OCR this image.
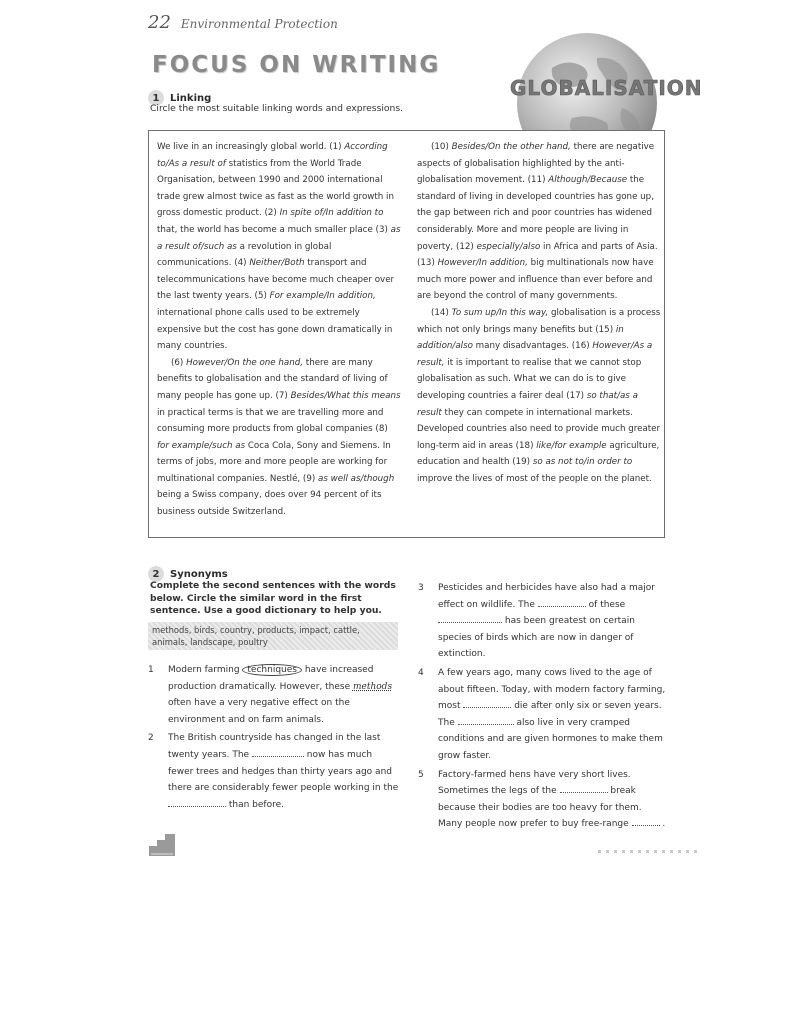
22 Environmental Protection
FOCUS ON WRITING
GLOBALISATION
1	Linking
Circle the most suitable linking words and expressions.

We live in an increasingly global world. (1) According to/As a result of statistics from the World Trade Organisation, between 1990 and 2000 international trade grew almost twice as fast as the world growth in gross domestic product. (2) In spite of/In addition to that, the world has become a much smaller place (3) as a result of/such as a revolution in global communications. (4) Neither/Both transport and telecommunications have become much cheaper over the last twenty years. (5) For example/In addition, international phone calls used to be extremely expensive but the cost has gone down dramatically in many countries.

(6) However/On the one hand, there are many benefits to globalisation and the standard of living of many people has gone up. (7) Besides/What this means in practical terms is that we are travelling more and consuming more products from global companies (8) for example/such as Coca Cola, Sony and Siemens. In terms of jobs, more and more people are working for multinational companies. Nestlé, (9) as well as/though being a Swiss company, does over 94 percent of its business outside Switzerland.

(10) Besides/On the other hand, there are negative aspects of globalisation highlighted by the anti-globalisation movement. (11) Although/Because the standard of living in developed countries has gone up, the gap between rich and poor countries has widened considerably. More and more people are living in poverty, (12) especially/also in Africa and parts of Asia. (13) However/In addition, big multinationals now have much more power and influence than ever before and are beyond the control of many governments.

(14) To sum up/In this way, globalisation is a process which not only brings many benefits but (15) in addition/also many disadvantages. (16) However/As a result, it is important to realise that we cannot stop globalisation as such. What we can do is to give developing countries a fairer deal (17) so that/as a result they can compete in international markets. Developed countries also need to provide much greater long-term aid in areas (18) like/for example agriculture, education and health (19) so as not to/in order to improve the lives of most of the people on the planet.

2	Synonyms
Complete the second sentences with the words below. Circle the similar word in the first sentence. Use a good dictionary to help you.
methods, birds, country, products, impact, cattle, animals, landscape, poultry
1	Modern farming techniques have increased production dramatically. However, these methods often have a very negative effect on the environment and on farm animals.
2	The British countryside has changed in the last twenty years. The	now has much fewer trees and hedges than thirty years ago and there are considerably fewer people working in the  than before.
3	Pesticides and herbicides have also had a major effect on wildlife. The	of these  has been greatest on certain species of birds which are now in danger of extinction.
4	A few years ago, many cows lived to the age of about fifteen. Today, with modern factory farming, most	die after only six or seven years. The	also live in very cramped conditions and are given hormones to make them grow faster.
5	Factory-farmed hens have very short lives. Sometimes the legs of the	break because their bodies are too heavy for them. Many people now prefer to buy free-range	.
